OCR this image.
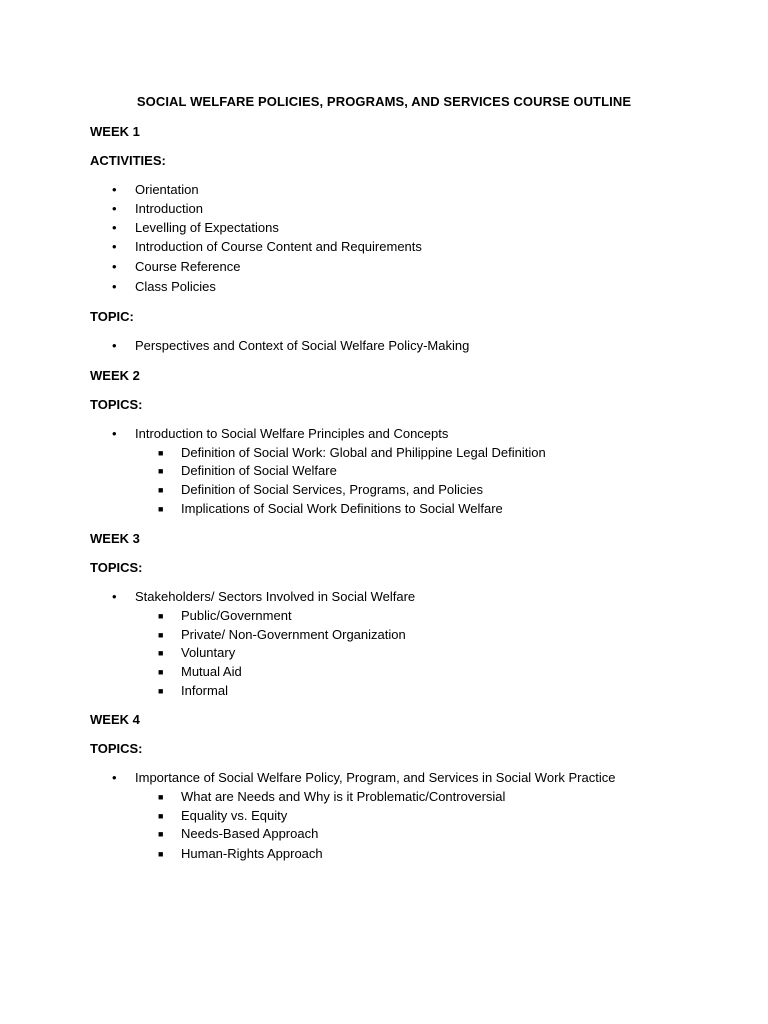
SOCIAL WELFARE POLICIES, PROGRAMS, AND SERVICES COURSE OUTLINE
WEEK 1
ACTIVITIES:
• Orientation
• Introduction
• Levelling of Expectations
• Introduction of Course Content and Requirements
• Course Reference
• Class Policies
TOPIC:
• Perspectives and Context of Social Welfare Policy-Making
WEEK 2
TOPICS:
• Introduction to Social Welfare Principles and Concepts
■ Definition of Social Work: Global and Philippine Legal Definition
■ Definition of Social Welfare
■ Definition of Social Services, Programs, and Policies
■ Implications of Social Work Definitions to Social Welfare
WEEK 3
TOPICS:
• Stakeholders/ Sectors Involved in Social Welfare
■ Public/Government
■ Private/ Non-Government Organization
■ Voluntary
■ Mutual Aid
■ Informal
WEEK 4
TOPICS:
• Importance of Social Welfare Policy, Program, and Services in Social Work Practice
■ What are Needs and Why is it Problematic/Controversial
■ Equality vs. Equity
■ Needs-Based Approach
■ Human-Rights Approach
